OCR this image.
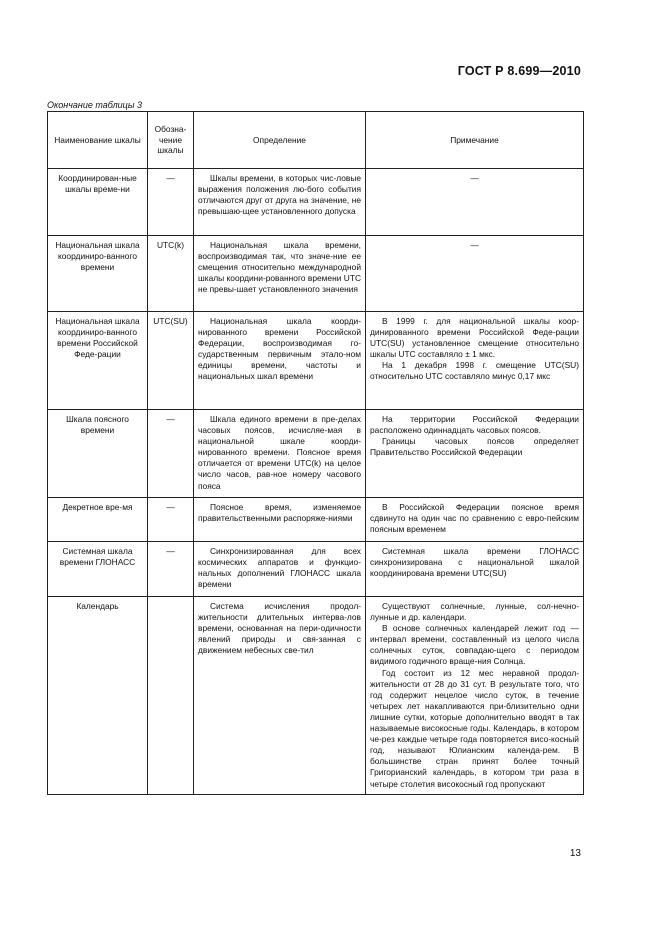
ГОСТ Р 8.699—2010
Окончание таблицы 3
Наименование шкалы	Обозна-чение шкалы	Определение	Примечание
Координирован-ные шкалы време-ни	—	Шкалы времени, в которых чис-ловые выражения положения лю-бого события отличаются друг от друга на значение, не превышаю-щее установленного допуска	—
Национальная шкала координиро-ванного времени	UTC(k)	Национальная шкала времени, воспроизводимая так, что значе-ние ее смещения относительно международной шкалы координи-рованного времени UTC не превы-шает установленного значения	—
Национальная шкала координиро-ванного времени Российской Феде-рации	UTC(SU)	Национальная шкала коорди-нированного времени Российской Федерации, воспроизводимая го-сударственным первичным этало-ном единицы времени, частоты и национальных шкал времени	В 1999 г. для национальной шкалы коор-динированного времени Российской Феде-рации UTC(SU) установленное смещение относительно шкалы UTC составляло ± 1 мкс.

На 1 декабря 1998 г. смещение UTC(SU) относительно UTC составляло минус 0,17 мкс

Шкала поясного времени	—	Шкала единого времени в пре-делах часовых поясов, исчисляе-мая в национальной шкале коорди-нированного времени. Поясное время отличается от времени UTC(k) на целое число часов, рав-ное номеру часового пояса	На территории Российской Федерации расположено одиннадцать часовых поясов.

Границы часовых поясов определяет Правительство Российской Федерации

Декретное вре-мя	—	Поясное время, изменяемое правительственными распоряже-ниями	В Российской Федерации поясное время сдвинуто на один час по сравнению с евро-пейским поясным временем

Системная шкала времени ГЛОНАСС	—	Синхронизированная для всех космических аппаратов и функцио-нальных дополнений ГЛОНАСС шкала времени	Системная шкала времени ГЛОНАСС синхронизирована с национальной шкалой координирована времени UTC(SU)

Календарь		Система исчисления продол-жительности длительных интерва-лов времени, основанная на пери-одичности явлений природы и свя-занная с движением небесных све-тил	Существуют солнечные, лунные, сол-нечно-лунные и др. календари.

В основе солнечных календарей лежит год — интервал времени, составленный из целого числа солнечных суток, совпадаю-щего с периодом видимого годичного враще-ния Солнца.

Год состоит из 12 мес неравной продол-жительности от 28 до 31 сут. В результате того, что год содержит нецелое число суток, в течение четырех лет накапливаются при-близительно одни лишние сутки, которые дополнительно вводят в так называемые високосные годы. Календарь, в котором че-рез каждые четыре года повторяется висо-косный год, называют Юлианским календа-рем. В большинстве стран принят более точный Григорианский календарь, в котором три раза в четыре столетия високосный год пропускают

13
